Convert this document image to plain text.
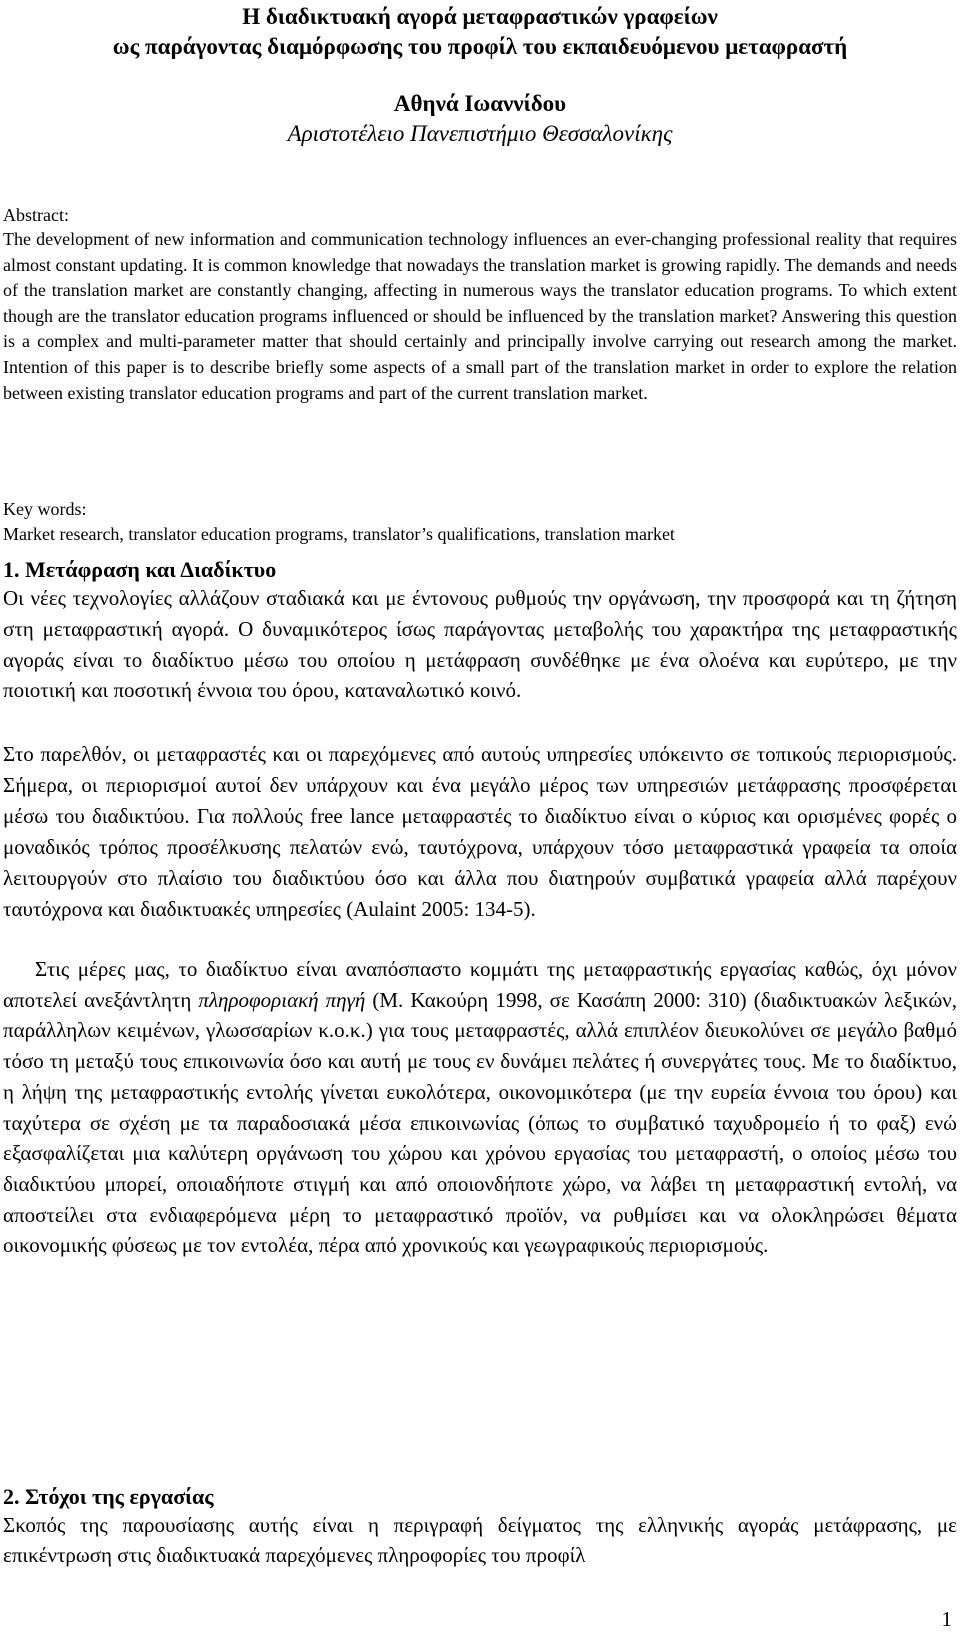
Η διαδικτυακή αγορά μεταφραστικών γραφείων
ως παράγοντας διαμόρφωσης του προφίλ του εκπαιδευόμενου μεταφραστή
Αθηνά Ιωαννίδου
Αριστοτέλειο Πανεπιστήμιο Θεσσαλονίκης
Abstract:
The development of new information and communication technology influences an ever-changing professional reality that requires almost constant updating. It is common knowledge that nowadays the translation market is growing rapidly. The demands and needs of the translation market are constantly changing, affecting in numerous ways the translator education programs. To which extent though are the translator education programs influenced or should be influenced by the translation market? Answering this question is a complex and multi-parameter matter that should certainly and principally involve carrying out research among the market. Intention of this paper is to describe briefly some aspects of a small part of the translation market in order to explore the relation between existing translator education programs and part of the current translation market.
Key words:
Market research, translator education programs, translator’s qualifications, translation market
1. Μετάφραση και Διαδίκτυο
Οι νέες τεχνολογίες αλλάζουν σταδιακά και με έντονους ρυθμούς την οργάνωση, την προσφορά και τη ζήτηση στη μεταφραστική αγορά. Ο δυναμικότερος ίσως παράγοντας μεταβολής του χαρακτήρα της μεταφραστικής αγοράς είναι το διαδίκτυο μέσω του οποίου η μετάφραση συνδέθηκε με ένα ολοένα και ευρύτερο, με την ποιοτική και ποσοτική έννοια του όρου, καταναλωτικό κοινό.
Στο παρελθόν, οι μεταφραστές και οι παρεχόμενες από αυτούς υπηρεσίες υπόκειντο σε τοπικούς περιορισμούς. Σήμερα, οι περιορισμοί αυτοί δεν υπάρχουν και ένα μεγάλο μέρος των υπηρεσιών μετάφρασης προσφέρεται μέσω του διαδικτύου. Για πολλούς free lance μεταφραστές το διαδίκτυο είναι ο κύριος και ορισμένες φορές ο μοναδικός τρόπος προσέλκυσης πελατών ενώ, ταυτόχρονα, υπάρχουν τόσο μεταφραστικά γραφεία τα οποία λειτουργούν στο πλαίσιο του διαδικτύου όσο και άλλα που διατηρούν συμβατικά γραφεία αλλά παρέχουν ταυτόχρονα και διαδικτυακές υπηρεσίες (Aulaint 2005: 134-5).
Στις μέρες μας, το διαδίκτυο είναι αναπόσπαστο κομμάτι της μεταφραστικής εργασίας καθώς, όχι μόνον αποτελεί ανεξάντλητη πληροφοριακή πηγή (Μ. Κακούρη 1998, σε Κασάπη 2000: 310) (διαδικτυακών λεξικών, παράλληλων κειμένων, γλωσσαρίων κ.ο.κ.) για τους μεταφραστές, αλλά επιπλέον διευκολύνει σε μεγάλο βαθμό τόσο τη μεταξύ τους επικοινωνία όσο και αυτή με τους εν δυνάμει πελάτες ή συνεργάτες τους. Με το διαδίκτυο, η λήψη της μεταφραστικής εντολής γίνεται ευκολότερα, οικονομικότερα (με την ευρεία έννοια του όρου) και ταχύτερα σε σχέση με τα παραδοσιακά μέσα επικοινωνίας (όπως το συμβατικό ταχυδρομείο ή το φαξ) ενώ εξασφαλίζεται μια καλύτερη οργάνωση του χώρου και χρόνου εργασίας του μεταφραστή, ο οποίος μέσω του διαδικτύου μπορεί, οποιαδήποτε στιγμή και από οποιονδήποτε χώρο, να λάβει τη μεταφραστική εντολή, να αποστείλει στα ενδιαφερόμενα μέρη το μεταφραστικό προϊόν, να ρυθμίσει και να ολοκληρώσει θέματα οικονομικής φύσεως με τον εντολέα, πέρα από χρονικούς και γεωγραφικούς περιορισμούς.
2. Στόχοι της εργασίας
Σκοπός της παρουσίασης αυτής είναι η περιγραφή δείγματος της ελληνικής αγοράς μετάφρασης, με επικέντρωση στις διαδικτυακά παρεχόμενες πληροφορίες του προφίλ
1
